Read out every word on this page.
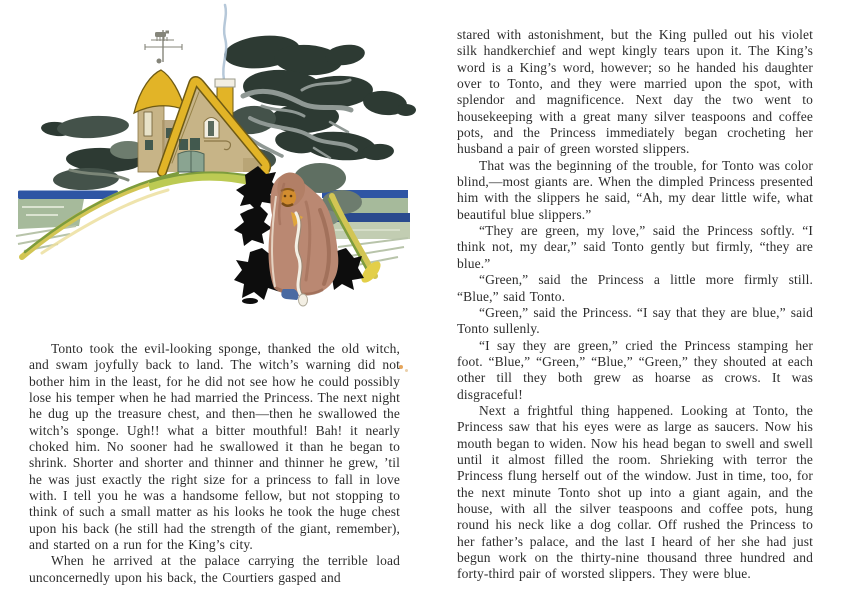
Tonto took the evil-looking sponge, thanked the old witch, and swam joyfully back to land. The witch’s warning did not bother him in the least, for he did not see how he could possibly lose his temper when he had married the Princess. The next night he dug up the treasure chest, and then—then he swallowed the witch’s sponge. Ugh!! what a bitter mouthful! Bah! it nearly choked him. No sooner had he swallowed it than he began to shrink. Shorter and shorter and thinner and thinner he grew, ’til he was just exactly the right size for a princess to fall in love with. I tell you he was a handsome fellow, but not stopping to think of such a small matter as his looks he took the huge chest upon his back (he still had the strength of the giant, remember), and started on a run for the King’s city.

When he arrived at the palace carrying the terrible load unconcernedly upon his back, the Courtiers gasped and

stared with astonishment, but the King pulled out his violet silk handkerchief and wept kingly tears upon it. The King’s word is a King’s word, however; so he handed his daughter over to Tonto, and they were married upon the spot, with splendor and magnificence. Next day the two went to housekeeping with a great many silver teaspoons and coffee pots, and the Princess immediately began crocheting her husband a pair of green worsted slippers.

That was the beginning of the trouble, for Tonto was color blind,—most giants are. When the dimpled Princess presented him with the slippers he said, “Ah, my dear little wife, what beautiful blue slippers.”

“They are green, my love,” said the Princess softly. “I think not, my dear,” said Tonto gently but firmly, “they are blue.”

“Green,” said the Princess a little more firmly still. “Blue,” said Tonto.

“Green,” said the Princess. “I say that they are blue,” said Tonto sullenly.

“I say they are green,” cried the Princess stamping her foot. “Blue,” “Green,” “Blue,” “Green,” they shouted at each other till they both grew as hoarse as crows. It was disgraceful!

Next a frightful thing happened. Looking at Tonto, the Princess saw that his eyes were as large as saucers. Now his mouth began to widen. Now his head began to swell and swell until it almost filled the room. Shrieking with terror the Princess flung herself out of the window. Just in time, too, for the next minute Tonto shot up into a giant again, and the house, with all the silver teaspoons and coffee pots, hung round his neck like a dog collar. Off rushed the Princess to her father’s palace, and the last I heard of her she had just begun work on the thirty-nine thousand three hundred and forty-third pair of worsted slippers. They were blue.
